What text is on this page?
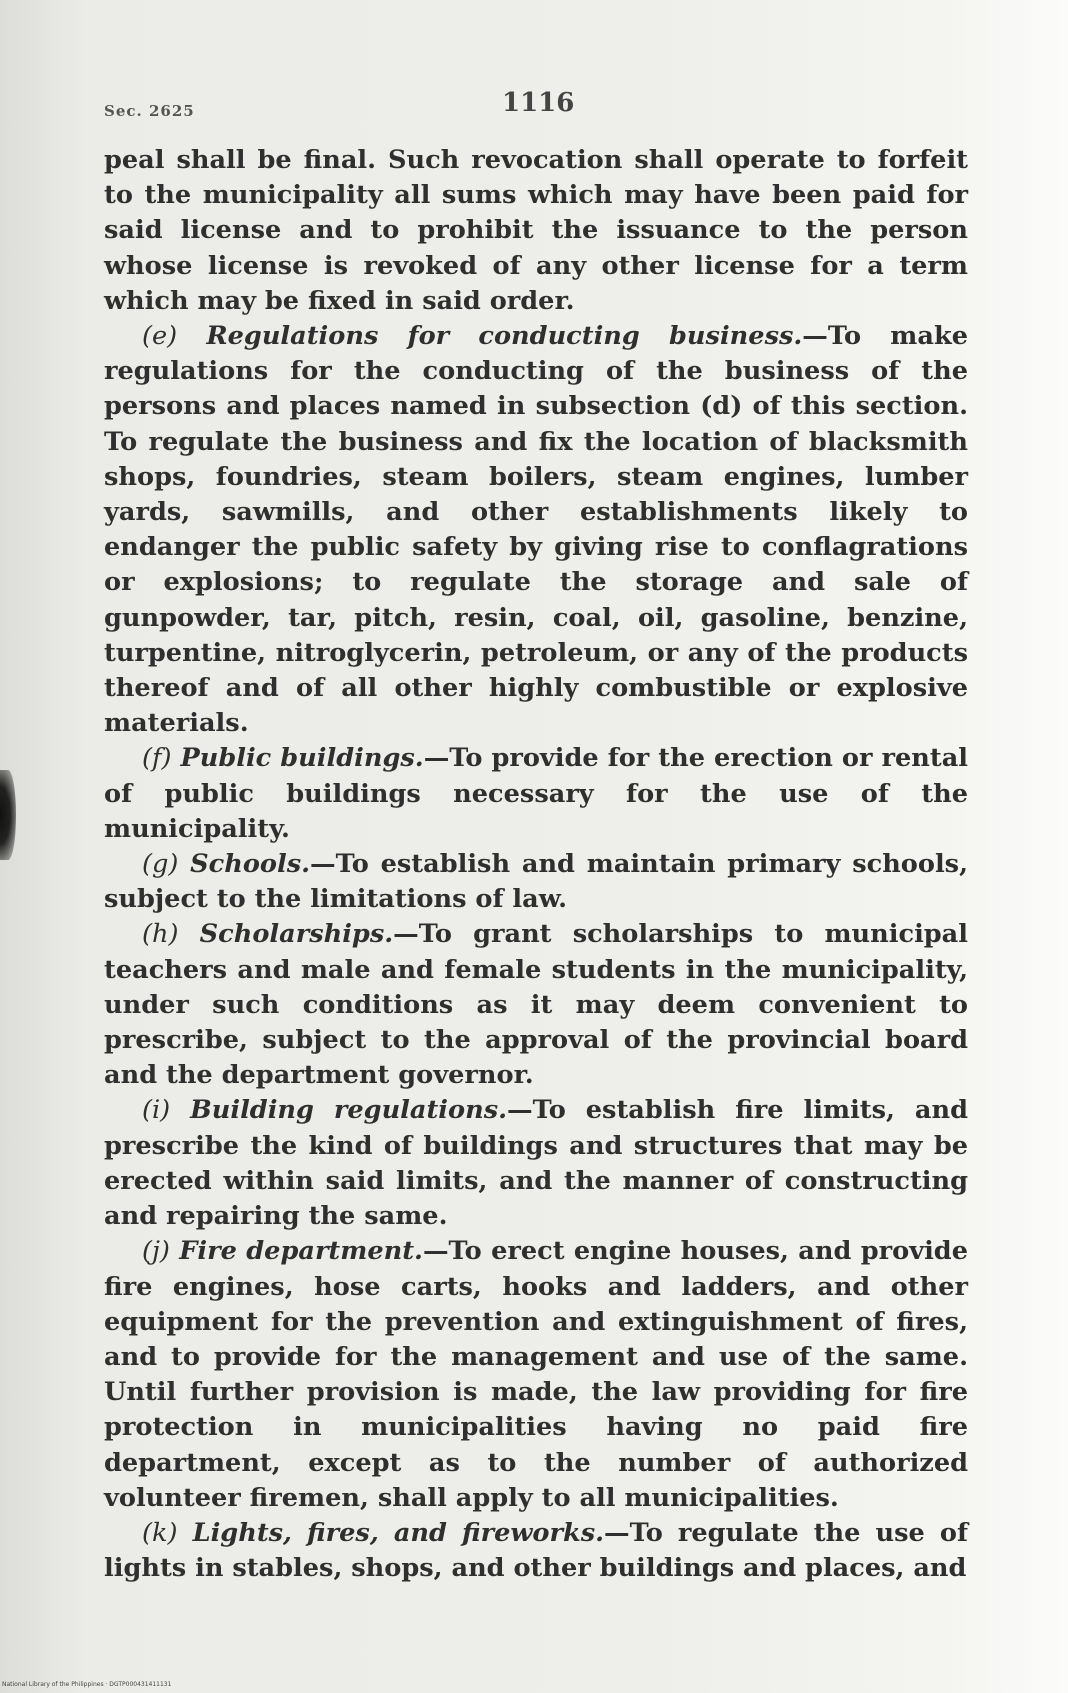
Sec. 2625	1116

peal shall be final. Such revocation shall operate to forfeit to the municipality all sums which may have been paid for said license and to prohibit the issuance to the person whose license is revoked of any other license for a term which may be fixed in said order.

(e) Regulations for conducting business.—To make regulations for the conducting of the business of the persons and places named in subsection (d) of this section. To regulate the business and fix the location of blacksmith shops, foundries, steam boilers, steam engines, lumber yards, sawmills, and other establishments likely to endanger the public safety by giving rise to conflagrations or explosions; to regulate the storage and sale of gunpowder, tar, pitch, resin, coal, oil, gasoline, benzine, turpentine, nitroglycerin, petroleum, or any of the products thereof and of all other highly combustible or explosive materials.

(f) Public buildings.—To provide for the erection or rental of public buildings necessary for the use of the municipality.

(g) Schools.—To establish and maintain primary schools, subject to the limitations of law.

(h) Scholarships.—To grant scholarships to municipal teachers and male and female students in the municipality, under such conditions as it may deem convenient to prescribe, subject to the approval of the provincial board and the department governor.

(i) Building regulations.—To establish fire limits, and prescribe the kind of buildings and structures that may be erected within said limits, and the manner of constructing and repairing the same.

(j) Fire department.—To erect engine houses, and provide fire engines, hose carts, hooks and ladders, and other equipment for the prevention and extinguishment of fires, and to provide for the management and use of the same. Until further provision is made, the law providing for fire protection in municipalities having no paid fire department, except as to the number of authorized volunteer firemen, shall apply to all municipalities.

(k) Lights, fires, and fireworks.—To regulate the use of lights in stables, shops, and other buildings and places, and

National Library of the Philippines · DGTP000431411131
